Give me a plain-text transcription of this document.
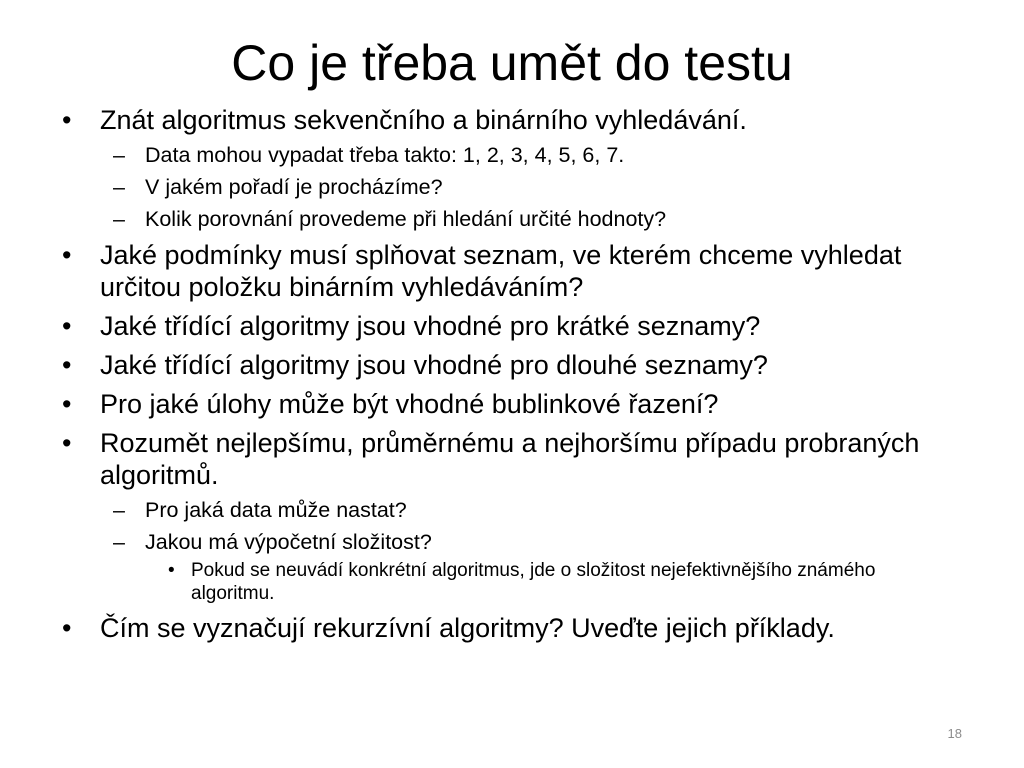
Co je třeba umět do testu

• Znát algoritmus sekvenčního a binárního vyhledávání.

– Data mohou vypadat třeba takto: 1, 2, 3, 4, 5, 6, 7.

– V jakém pořadí je procházíme?

– Kolik porovnání provedeme při hledání určité hodnoty?

• Jaké podmínky musí splňovat seznam, ve kterém chceme vyhledat určitou položku binárním vyhledáváním?

• Jaké třídící algoritmy jsou vhodné pro krátké seznamy?

• Jaké třídící algoritmy jsou vhodné pro dlouhé seznamy?

• Pro jaké úlohy může být vhodné bublinkové řazení?

• Rozumět nejlepšímu, průměrnému a nejhoršímu případu probraných algoritmů.

– Pro jaká data může nastat?

– Jakou má výpočetní složitost?

• Pokud se neuvádí konkrétní algoritmus, jde o složitost nejefektivnějšího známého algoritmu.

• Čím se vyznačují rekurzívní algoritmy? Uveďte jejich příklady.

18
